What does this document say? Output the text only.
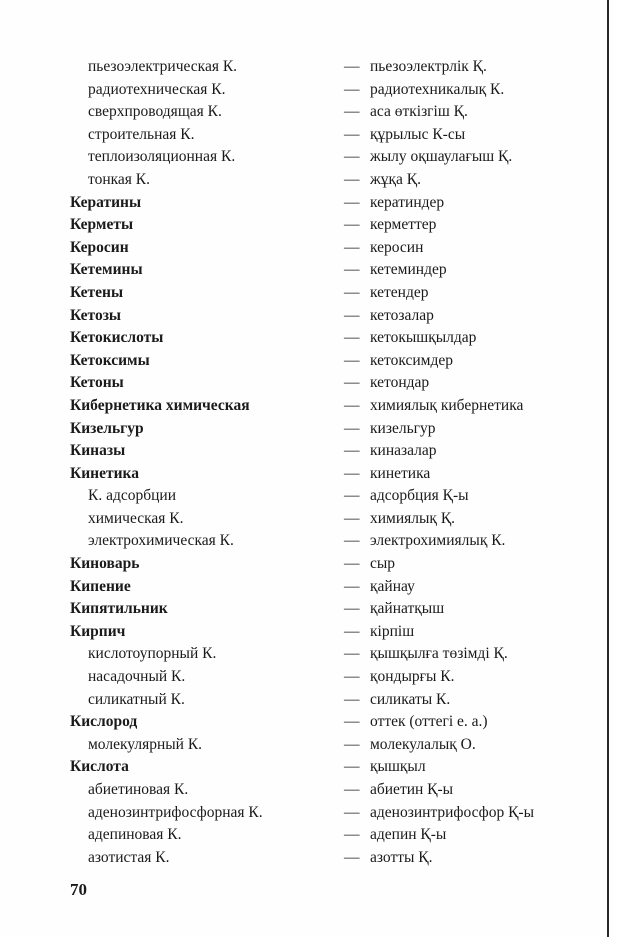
пьезоэлектрическая К.	— пьезоэлектрлік Қ.
радиотехническая К.	— радиотехникалық К.
сверхпроводящая К.	— аса өткізгіш Қ.
строительная К.	— құрылыс К-сы
теплоизоляционная К.	— жылу оқшаулағыш Қ.
тонкая К.	— жұқа Қ.
Кератины	— кератиндер
Керметы	— керметтер
Керосин	— керосин
Кетемины	— кетеминдер
Кетены	— кетендер
Кетозы	— кетозалар
Кетокислоты	— кетокышқылдар
Кетоксимы	— кетоксимдер
Кетоны	— кетондар
Кибернетика химическая	— химиялық кибернетика
Кизельгур	— кизельгур
Киназы	— киназалар
Кинетика	— кинетика
К. адсорбции	— адсорбция Қ-ы
химическая К.	— химиялық Қ.
электрохимическая К.	— электрохимиялық К.
Киноварь	— сыр
Кипение	— қайнау
Кипятильник	— қайнатқыш
Кирпич	— кірпіш
кислотоупорный К.	— қышқылға төзімді Қ.
насадочный К.	— қондырғы К.
силикатный К.	— силикаты К.
Кислород	— оттек (оттегі е. а.)
молекулярный К.	— молекулалық О.
Кислота	— қышқыл
абиетиновая К.	— абиетин Қ-ы
аденозинтрифосфорная К.	— аденозинтрифосфор Қ-ы
адепиновая К.	— адепин Қ-ы
азотистая К.	— азотты Қ.
70
